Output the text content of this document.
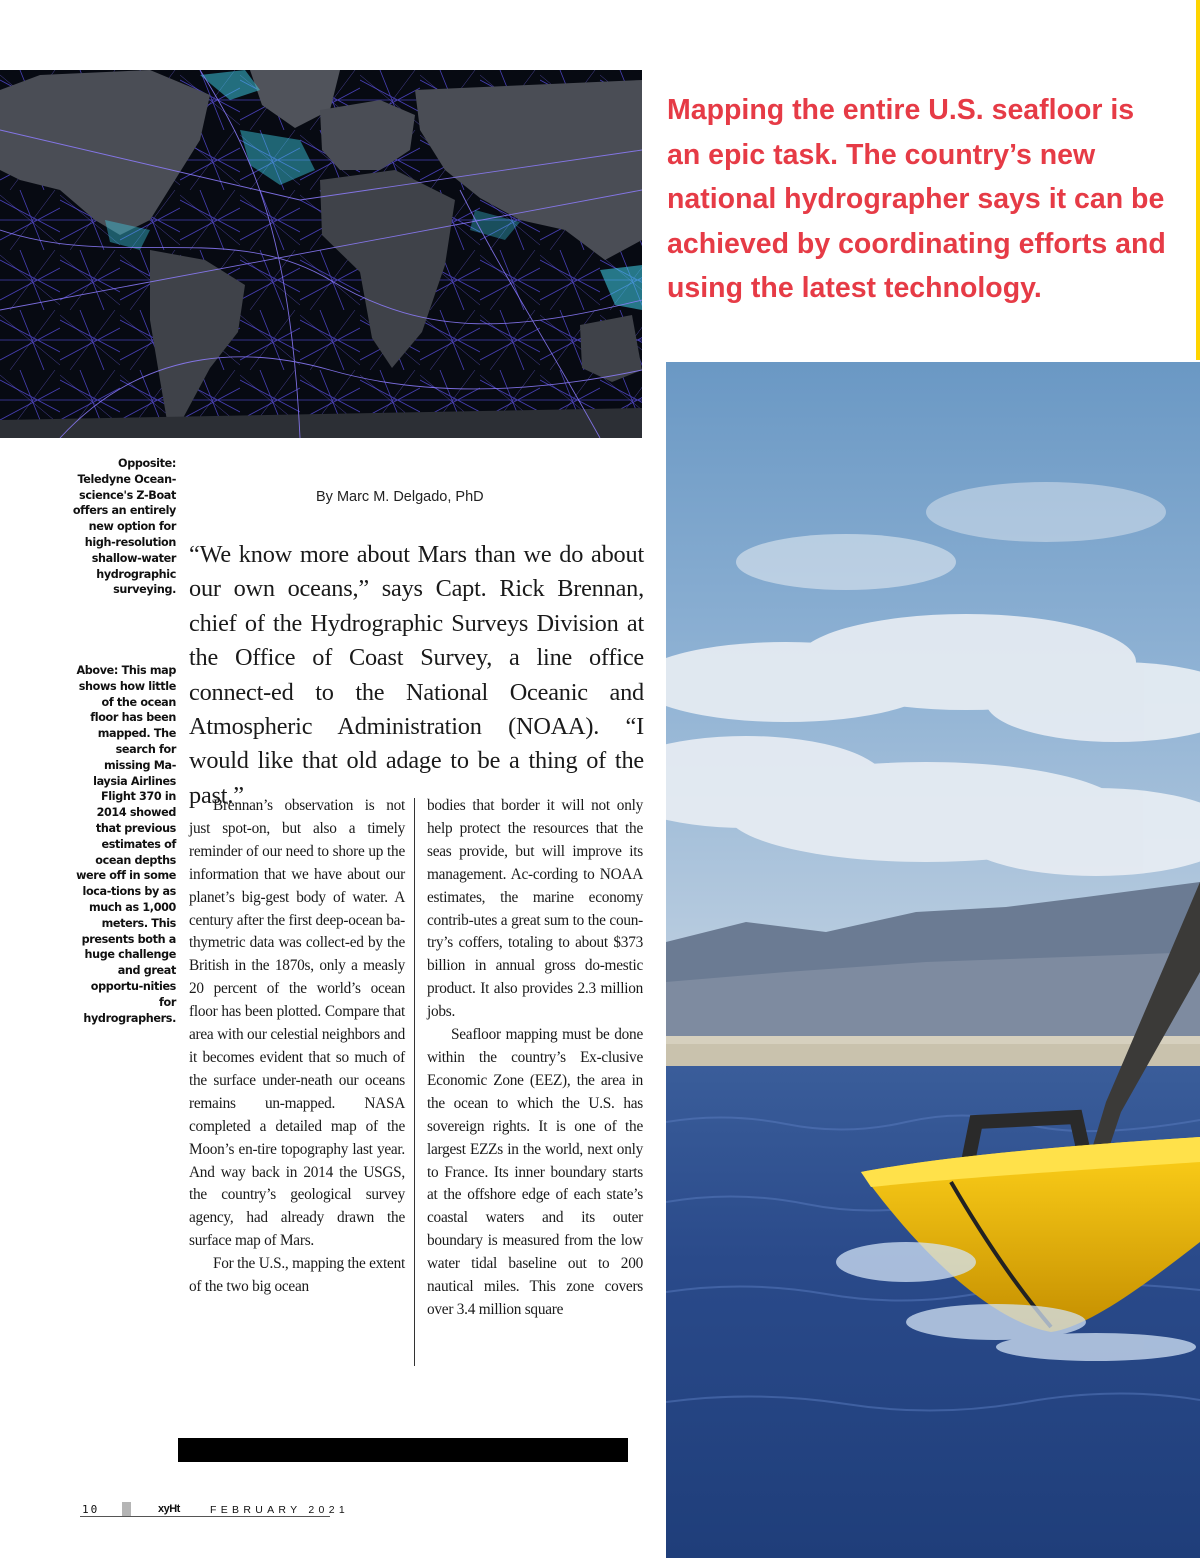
Mapping the entire U.S. seafloor is an epic task. The country’s new national hydrographer says it can be achieved by coordinating efforts and using the latest technology.
Opposite: Teledyne Ocean-science's Z-Boat offers an entirely new option for high-resolution shallow-water hydrographic surveying.
Above: This map shows how little of the ocean floor has been mapped. The search for missing Ma-laysia Airlines Flight 370 in 2014 showed that previous estimates of ocean depths were off in some loca-tions by as much as 1,000 meters. This presents both a huge challenge and great opportu-nities for hydrographers.
By Marc M. Delgado, PhD
“We know more about Mars than we do about our own oceans,” says Capt. Rick Brennan, chief of the Hydrographic Surveys Division at the Office of Coast Survey, a line office connect-ed to the National Oceanic and Atmospheric Administration (NOAA). “I would like that old adage to be a thing of the past.”

Brennan’s observation is not just spot-on, but also a timely reminder of our need to shore up the information that we have about our planet’s big-gest body of water. A century after the first deep-ocean ba-thymetric data was collect-ed by the British in the 1870s, only a measly 20 percent of the world’s ocean floor has been plotted. Compare that area with our celestial neighbors and it becomes evident that so much of the surface under-neath our oceans remains un-mapped. NASA completed a detailed map of the Moon’s en-tire topography last year. And way back in 2014 the USGS, the country’s geological survey agency, had already drawn the surface map of Mars.

For the U.S., mapping the extent of the two big ocean

bodies that border it will not only help protect the resources that the seas provide, but will improve its management. Ac-cording to NOAA estimates, the marine economy contrib-utes a great sum to the coun-try’s coffers, totaling to about $373 billion in annual gross do-mestic product. It also provides 2.3 million jobs.

Seafloor mapping must be done within the country’s Ex-clusive Economic Zone (EEZ), the area in the ocean to which the U.S. has sovereign rights. It is one of the largest EZZs in the world, next only to France. Its inner boundary starts at the offshore edge of each state’s coastal waters and its outer boundary is measured from the low water tidal baseline out to 200 nautical miles. This zone covers over 3.4 million square

10	xyHt	FEBRUARY 2021
